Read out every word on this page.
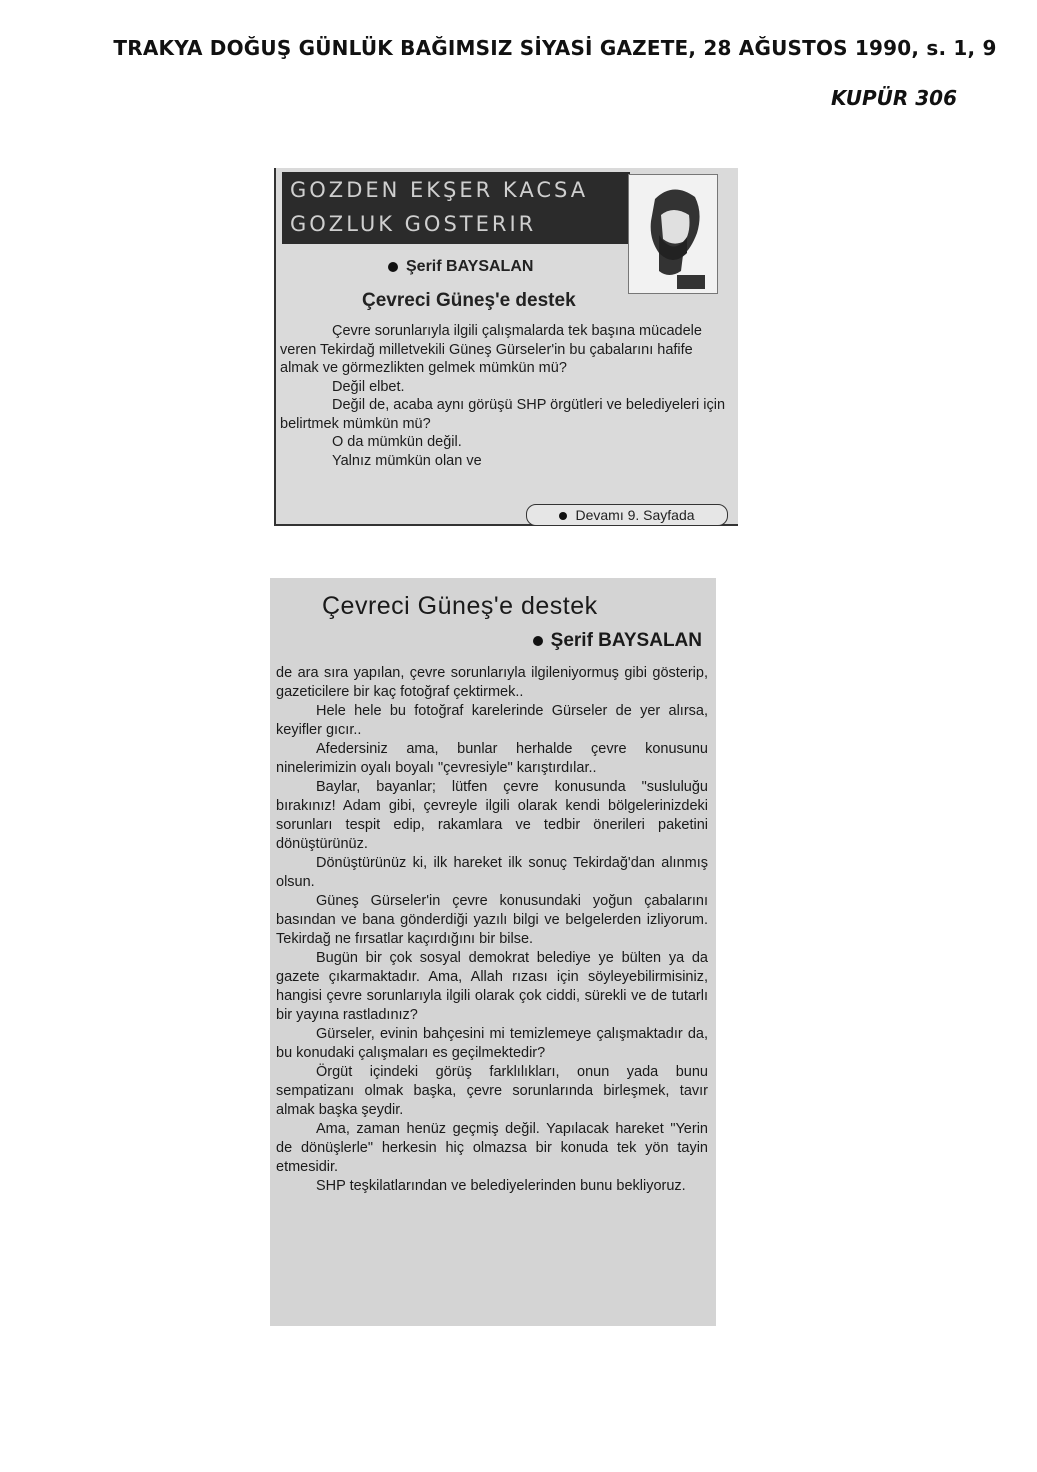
TRAKYA DOĞUŞ GÜNLÜK BAĞIMSIZ SİYASİ GAZETE, 28 AĞUSTOS 1990, s. 1, 9
KUPÜR 306
GOZDEN EKŞER KACSA
GOZLUK GOSTERIR
Şerif BAYSALAN
Çevreci Güneş'e destek

Çevre sorunlarıyla ilgili çalışmalarda tek başına mücadele veren Tekirdağ milletvekili Güneş Gürseler'in bu çabalarını hafife almak ve görmezlikten gelmek mümkün mü?

Değil elbet.

Değil de, acaba aynı görüşü SHP örgütleri ve belediyeleri için belirtmek mümkün mü?

O da mümkün değil.

Yalnız mümkün olan ve

Devamı 9. Sayfada
Çevreci Güneş'e destek
Şerif BAYSALAN

de ara sıra yapılan, çevre sorunlarıyla ilgileniyormuş gibi gösterip, gazeticilere bir kaç fotoğraf çektirmek..

Hele hele bu fotoğraf karelerinde Gürseler de yer alırsa, keyifler gıcır..

Afedersiniz ama, bunlar herhalde çevre konusunu ninelerimizin oyalı boyalı "çevresiyle" karıştırdılar..

Baylar, bayanlar; lütfen çevre konusunda "susluluğu bırakınız! Adam gibi, çevreyle ilgili olarak kendi bölgelerinizdeki sorunları tespit edip, rakamlara ve tedbir önerileri paketini dönüştürünüz.

Dönüştürünüz ki, ilk hareket ilk sonuç Tekirdağ'dan alınmış olsun.

Güneş Gürseler'in çevre konusundaki yoğun çabalarını basından ve bana gönderdiği yazılı bilgi ve belgelerden izliyorum. Tekirdağ ne fırsatlar kaçırdığını bir bilse.

Bugün bir çok sosyal demokrat belediye ye bülten ya da gazete çıkarmaktadır. Ama, Allah rızası için söyleyebilirmisiniz, hangisi çevre sorunlarıyla ilgili olarak çok ciddi, sürekli ve de tutarlı bir yayına rastladınız?

Gürseler, evinin bahçesini mi temizlemeye çalışmaktadır da, bu konudaki çalışmaları es geçilmektedir?

Örgüt içindeki görüş farklılıkları, onun yada bunu sempatizanı olmak başka, çevre sorunlarında birleşmek, tavır almak başka şeydir.

Ama, zaman henüz geçmiş değil. Yapılacak hareket "Yerin de dönüşlerle" herkesin hiç olmazsa bir konuda tek yön tayin etmesidir.

SHP teşkilatlarından ve belediyelerinden bunu bekliyoruz.
